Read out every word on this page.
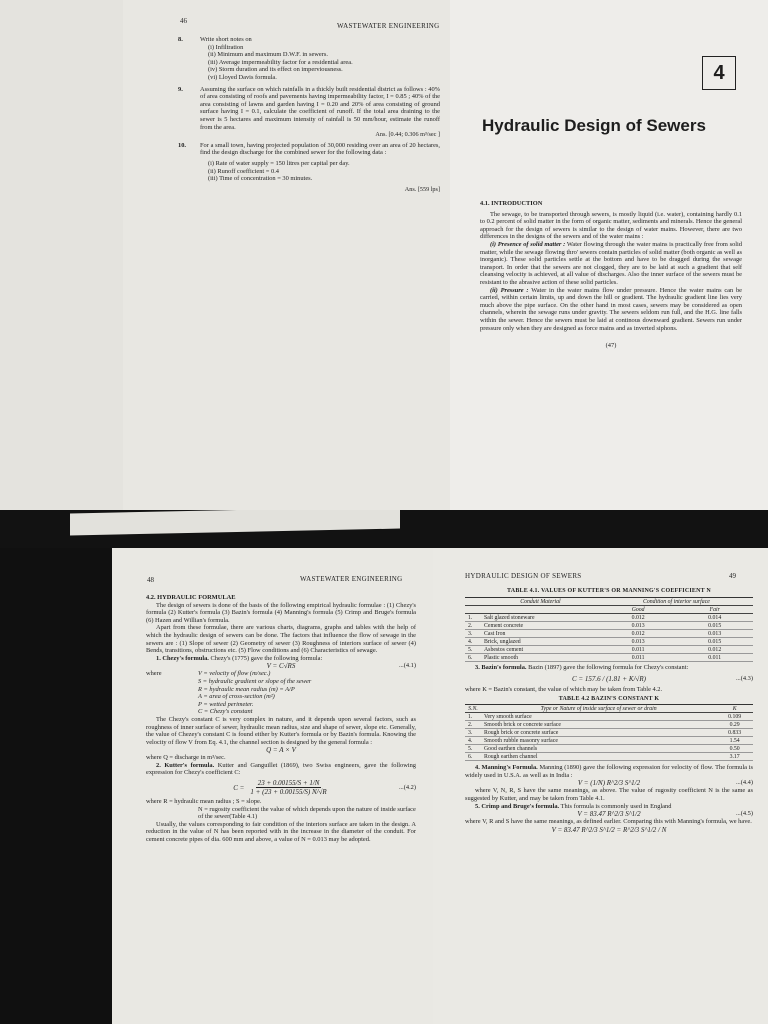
46
WASTEWATER ENGINEERING
8.	Write short notes on
(i) Infiltration
(ii) Minimum and maximum D.W.F. in sewers.
(iii) Average impermeability factor for a residential area.
(iv) Storm duration and its effect on imperviousness.
(vi) Lloyed Davis formula.
9.	Assuming the surface on which rainfalls in a thickly built residential district as follows : 40% of area consisting of roofs and pavements having impermeability factor, I = 0.85 ; 40% of the area consisting of lawns and garden having I = 0.20 and 20% of area consisting of ground surface having I = 0.1, calculate the coefficient of runoff. If the total area draining to the sewer is 5 hectares and maximum intensity of rainfall is 50 mm/hour, estimate the runoff from the area.
Ans. [0.44; 0.306 m³/sec ]
10.	For a small town, having projected population of 30,000 residing over an area of 20 hectares, find the design discharge for the combined sewer for the following data :
(i) Rate of water supply = 150 litres per capital per day.
(ii) Runoff coefficient = 0.4
(iii) Time of concentration = 30 minutes.
Ans. [559 lps]
4
Hydraulic Design of Sewers
4.1. INTRODUCTION
The sewage, to be transported through sewers, is mostly liquid (i.e. water), containing hardly 0.1 to 0.2 percent of solid matter in the form of organic matter, sediments and minerals. Hence the general approach for the design of sewers is similar to the design of water mains. However, there are two differences in the designs of the sewers and of the water mains :
(i) Presence of solid matter : Water flowing through the water mains is practically free from solid matter, while the sewage flowing thro' sewers contain particles of solid matter (both organic as well as inorganic). These solid particles settle at the bottom and have to be dragged during the sewage transport. In order that the sewers are not clogged, they are to be laid at such a gradient that self cleansing velocity is achieved, at all value of discharges. Also the inner surface of the sewers must be resistant to the abrasive action of these solid particles.
(ii) Pressure : Water in the water mains flow under pressure. Hence the water mains can be carried, within certain limits, up and down the hill or gradient. The hydraulic gradient line lies very much above the pipe surface. On the other hand in most cases, sewers may be considered as open channels, wherein the sewage runs under gravity. The sewers seldom run full, and the H.G. line falls within the sewer. Hence the sewers must be laid at continous downward gradient. Sewers run under pressure only when they are designed as force mains and as inverted siphons.
(47)
48	WASTEWATER ENGINEERING
4.2. HYDRAULIC FORMULAE
The design of sewers is done of the basis of the following empirical hydraulic formulae : (1) Chezy's formula (2) Kutter's formula (3) Bazin's formula (4) Manning's formula (5) Crimp and Bruge's formula (6) Hazen and Willian's formula.
Apart from these formulae, there are various charts, diagrams, graphs and tables with the help of which the hydraulic design of sewers can be done. The factors that influence the flow of sewage in the sewers are : (1) Slope of sewer (2) Geometry of sewer (3) Roughness of interiors surface of sewer (4) Bends, transitions, obstructions etc. (5) Flow conditions and (6) Characteristics of sewage.
1. Chezy's formula. Chezy's (1775) gave the following formula:
V = C√RS	...(4.1)
where	V = velocity of flow (m/sec.)
S = hydraulic gradient or slope of the sewer
R = hydraulic mean radius (m) = A/P
A = area of cross-section (m²)
P = wetted perimeter.
C = Chezy's constant
The Chezy's constant C is very complex in nature, and it depends upon several factors, such as roughness of inner surface of sewer, hydraulic mean radius, size and shape of sewer, slope etc. Generally, the value of Chezey's constant C is found either by Kutter's formula or by Bazin's formula. Knowing the velocity of flow V from Eq. 4.1, the channel section is designed by the general formula :
Q = A × V
where Q = discharge in m³/sec.
2. Kutter's formula. Kutter and Ganguillet (1869), two Swiss engineers, gave the following expression for Chezy's coefficient C:
$C = \frac{23 + 0.00155/S + 1/N}{1 + (23 + 0.00155/S) N/√R}$	...(4.2)
where R = hydraulic mean radius ; S = slope.
N = rugosity coefficient the value of which depends upon the nature of inside surface of the sewer(Table 4.1)
Usually, the values corresponding to fair condition of the interiors surface are taken in the design. A reduction in the value of N has been reported with in the increase in the diameter of the conduit. For cement concrete pipes of dia. 600 mm and above, a value of N = 0.013 may be adopted.
HYDRAULIC DESIGN OF SEWERS	49
TABLE 4.1. VALUES OF KUTTER'S OR MANNING'S COEFFICIENT N
	Conduit Material	Condition of interior surface	
		Good	Fair
1.	Salt glazed stoneware	0.012	0.014
2.	Cement concrete	0.013	0.015
3.	Cast Iron	0.012	0.013
4.	Brick, unglazed	0.013	0.015
5.	Asbestos cement	0.011	0.012
6.	Plastic smooth	0.011	0.011
3. Bazin's formula. Bazin (1897) gave the following formula for Chezy's constant:
C = 157.6 / (1.81 + K/√R)	...(4.3)
where K = Bazin's constant, the value of which may be taken from Table 4.2.
TABLE 4.2 BAZIN'S CONSTANT K
S.N.	Type or Nature of inside surface of sewer or drain	K
1.	Very smooth surface	0.109
2.	Smooth brick or concrete surface	0.29
3.	Rough brick or concrete surface	0.833
4.	Smooth rubble masonry surface	1.54
5.	Good earthen channels	0.50
6.	Rough earthen channel	3.17
4. Manning's Formula. Manning (1890) gave the following expression for velocity of flow. The formula is widely used in U.S.A. as well as in India :
V = (1/N) R^2/3 S^1/2	...(4.4)
where V, N, R, S have the same meanings, as above. The value of rugosity coefficient N is the same as suggested by Kutter, and may be taken from Table 4.1.
5. Crimp and Bruge's formula. This formula is commonly used in England
V = 83.47 R^2/3 S^1/2	...(4.5)
where V, R and S have the same meanings, as defined earlier. Comparing this with Manning's formula, we have.
V = 83.47 R^2/3 S^1/2 = R^2/3 S^1/2 / N
